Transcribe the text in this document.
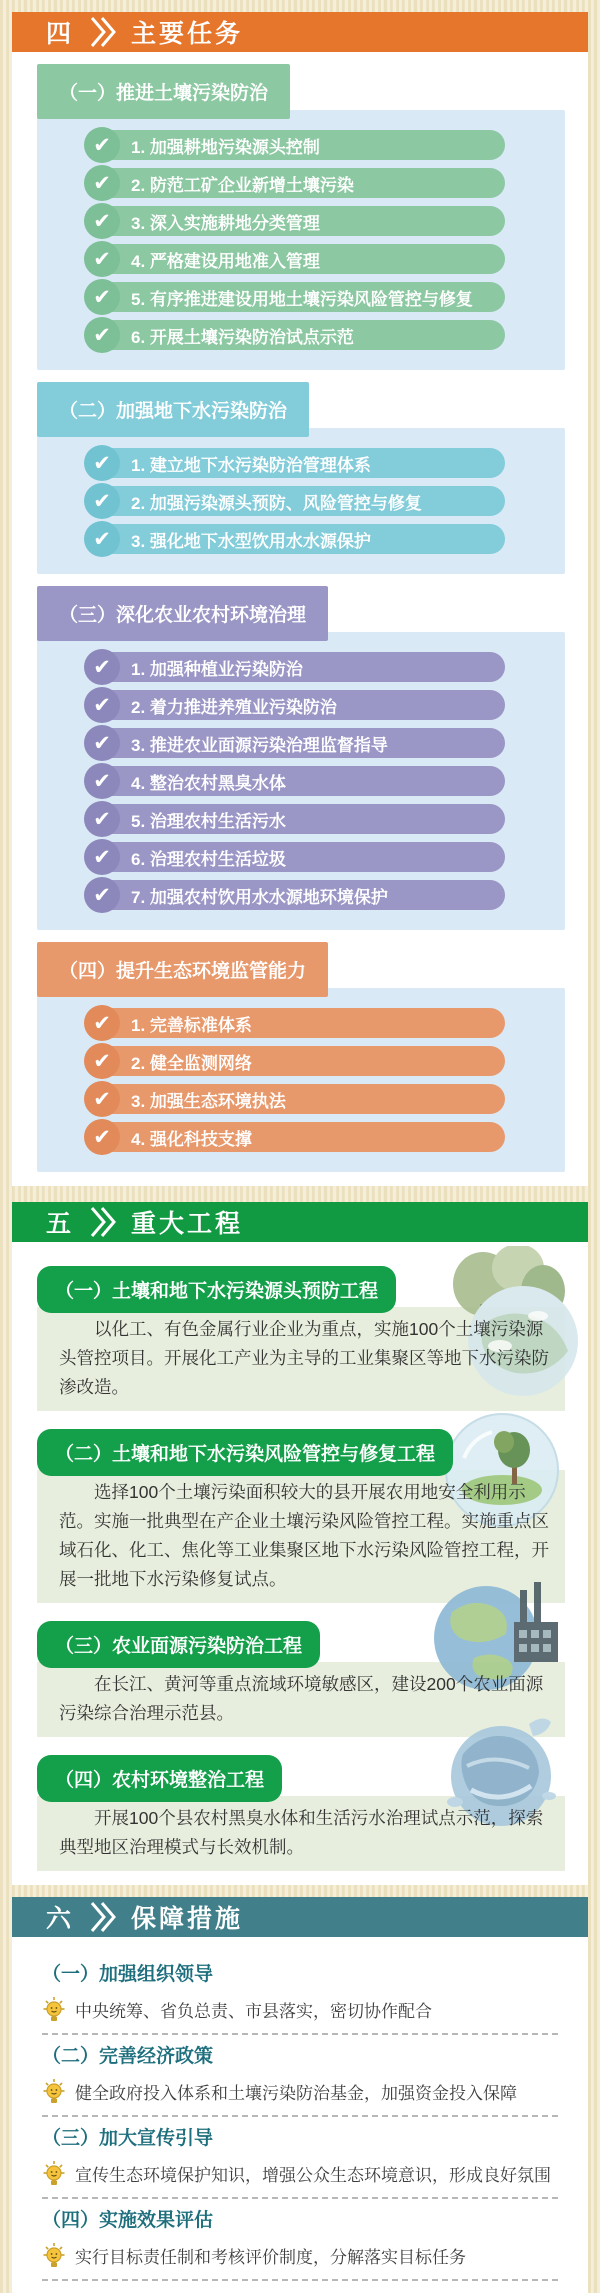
四 主要任务
（一）推进土壤污染防治
✔	1. 加强耕地污染源头控制
✔	2. 防范工矿企业新增土壤污染
✔	3. 深入实施耕地分类管理
✔	4. 严格建设用地准入管理
✔	5. 有序推进建设用地土壤污染风险管控与修复
✔	6. 开展土壤污染防治试点示范
（二）加强地下水污染防治
✔	1. 建立地下水污染防治管理体系
✔	2. 加强污染源头预防、风险管控与修复
✔	3. 强化地下水型饮用水水源保护
（三）深化农业农村环境治理
✔	1. 加强种植业污染防治
✔	2. 着力推进养殖业污染防治
✔	3. 推进农业面源污染治理监督指导
✔	4. 整治农村黑臭水体
✔	5. 治理农村生活污水
✔	6. 治理农村生活垃圾
✔	7. 加强农村饮用水水源地环境保护
（四）提升生态环境监管能力
✔	1. 完善标准体系
✔	2. 健全监测网络
✔	3. 加强生态环境执法
✔	4. 强化科技支撑
五 重大工程
（一）土壤和地下水污染源头预防工程

以化工、有色金属行业企业为重点，实施100个土壤污染源头管控项目。开展化工产业为主导的工业集聚区等地下水污染防渗改造。

（二）土壤和地下水污染风险管控与修复工程

选择100个土壤污染面积较大的县开展农用地安全利用示范。实施一批典型在产企业土壤污染风险管控工程。实施重点区域石化、化工、焦化等工业集聚区地下水污染风险管控工程，开展一批地下水污染修复试点。

（三）农业面源污染防治工程

在长江、黄河等重点流域环境敏感区，建设200个农业面源污染综合治理示范县。

（四）农村环境整治工程

开展100个县农村黑臭水体和生活污水治理试点示范，探索典型地区治理模式与长效机制。

六 保障措施
（一）加强组织领导
中央统筹、省负总责、市县落实，密切协作配合
（二）完善经济政策
健全政府投入体系和土壤污染防治基金，加强资金投入保障
（三）加大宣传引导
宣传生态环境保护知识，增强公众生态环境意识，形成良好氛围
（四）实施效果评估
实行目标责任制和考核评价制度，分解落实目标任务
